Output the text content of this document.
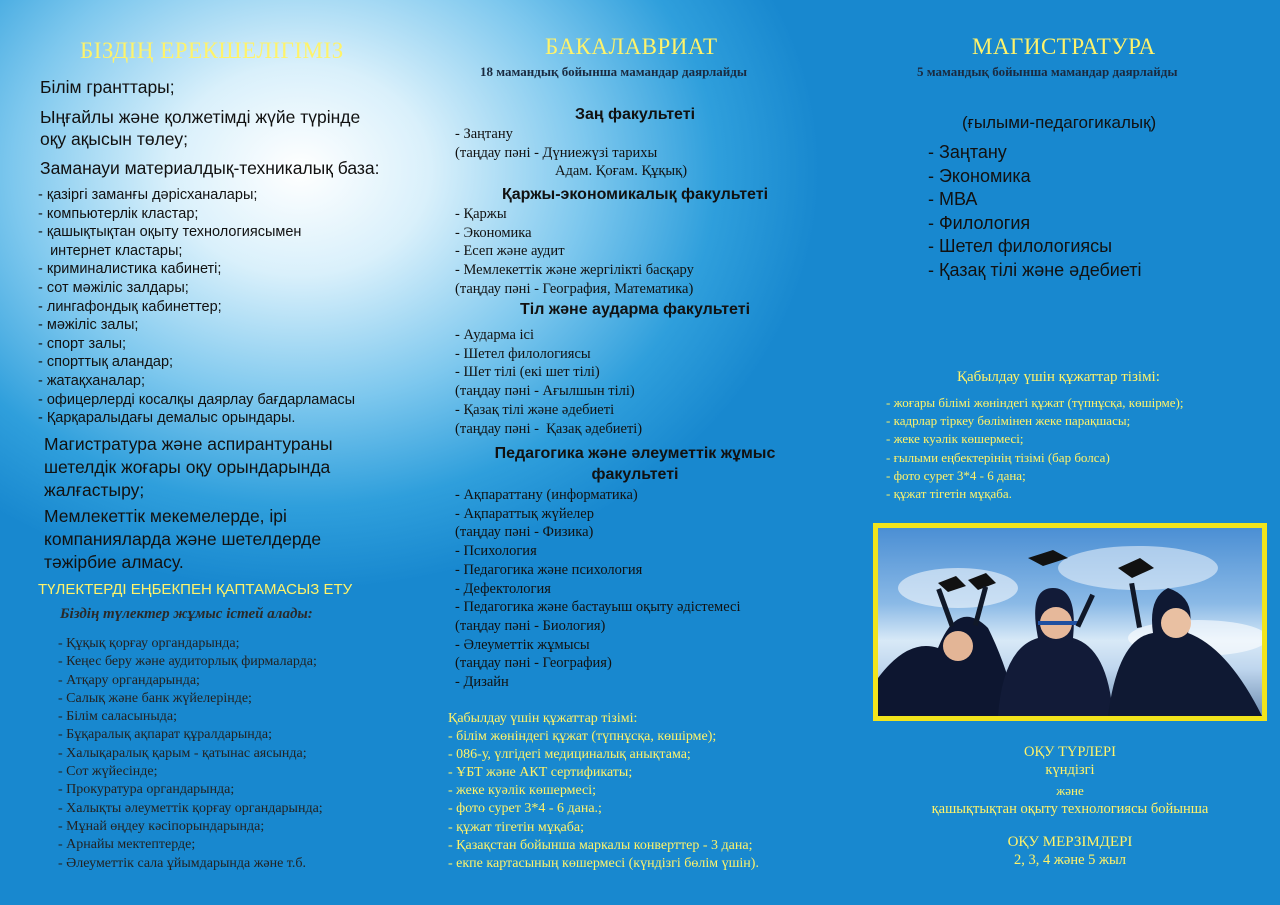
БІЗДІҢ ЕРЕКШЕЛІГІМІЗ
Білім гранттары;
Ыңғайлы және қолжетімді жүйе түрінде
оқу ақысын төлеу;
Заманауи материалдық-техникалық база:
- қазіргі заманғы дәрісханалары;
- компьютерлік кластар;
- қашықтықтан оқыту технологиясымен
интернет кластары;
- криминалистика кабинеті;
- сот мәжіліс залдары;
- лингафондық кабинеттер;
- мәжіліс залы;
- спорт залы;
- спорттық аландар;
- жатақханалар;
- офицерлерді косалқы даярлау бағдарламасы
- Қарқаралыдағы демалыс орындары.
Магистратура және аспирантураны
шетелдік жоғары оқу орындарында
жалғастыру;
Мемлекеттік мекемелерде, ірі
компанияларда және шетелдерде
тәжірбие алмасу.
ТҮЛЕКТЕРДІ ЕҢБЕКПЕН ҚАПТАМАСЫЗ ЕТУ
Біздің түлектер жұмыс істей алады:
- Құқық қорғау органдарында;
- Кеңес беру және аудиторлық фирмаларда;
- Атқару органдарында;
- Салық және банк жүйелерінде;
- Білім саласыныда;
- Бұқаралық ақпарат құралдарында;
- Халықаралық қарым - қатынас аясында;
- Сот жүйесінде;
- Прокуратура органдарында;
- Халықты әлеуметтік қорғау органдарында;
- Мұнай өңдеу кәсіпорындарында;
- Арнайы мектептерде;
- Әлеуметтік сала ұйымдарында және т.б.
БАКАЛАВРИАТ
18 мамандық бойынша мамандар даярлайды
Заң факультеті
- Заңтану
(таңдау пәні - Дүниежүзі тарихы
Адам. Қоғам. Құқық)
Қаржы-экономикалық факультеті
- Қаржы
- Экономика
- Есеп және аудит
- Мемлекеттік және жергілікті басқару
(таңдау пәні - География, Математика)
Тіл және аударма факультеті
- Аударма ісі
- Шетел филологиясы
- Шет тілі (екі шет тілі)
(таңдау пәні - Ағылшын тілі)
- Қазақ тілі және әдебиеті
(таңдау пәні -  Қазақ әдебиеті)
Педагогика және әлеуметтік жұмыс
факультеті
- Ақпараттану (информатика)
- Ақпараттық жүйелер
(таңдау пәні - Физика)
- Психология
- Педагогика және психология
- Дефектология
- Педагогика және бастауыш оқыту әдістемесі
(таңдау пәні - Биология)
- Әлеуметтік жұмысы
(таңдау пәні - География)
- Дизайн
Қабылдау үшін құжаттар тізімі:
- білім жөніндегі құжат (түпнұсқа, көшірме);
- 086-у, үлгідегі медициналық анықтама;
- ҰБТ және АКТ сертификаты;
- жеке куәлік көшермесі;
- фото сурет 3*4 - 6 дана.;
- құжат тігетін мұқаба;
- Қазақстан бойынша маркалы конверттер - 3 дана;
- екпе картасының көшермесі (күндізгі бөлім үшін).
МАГИСТРАТУРА
5 мамандық бойынша мамандар даярлайды
(ғылыми-педагогикалық)
- Заңтану
- Экономика
- МВА
- Филология
- Шетел филологиясы
- Қазақ тілі және әдебиеті
Қабылдау үшін құжаттар тізімі:
- жоғары білімі жөніндегі құжат (түпнұсқа, көшірме);
- кадрлар тіркеу бөлімінен жеке парақшасы;
- жеке куәлік көшермесі;
- ғылыми еңбектерінің тізімі (бар болса)
- фото сурет 3*4 - 6 дана;
- құжат тігетін мұқаба.
ОҚУ ТҮРЛЕРІ
күндізгі
және
қашықтықтан оқыту технологиясы бойынша
ОҚУ МЕРЗІМДЕРІ
2, 3, 4 және 5 жыл
